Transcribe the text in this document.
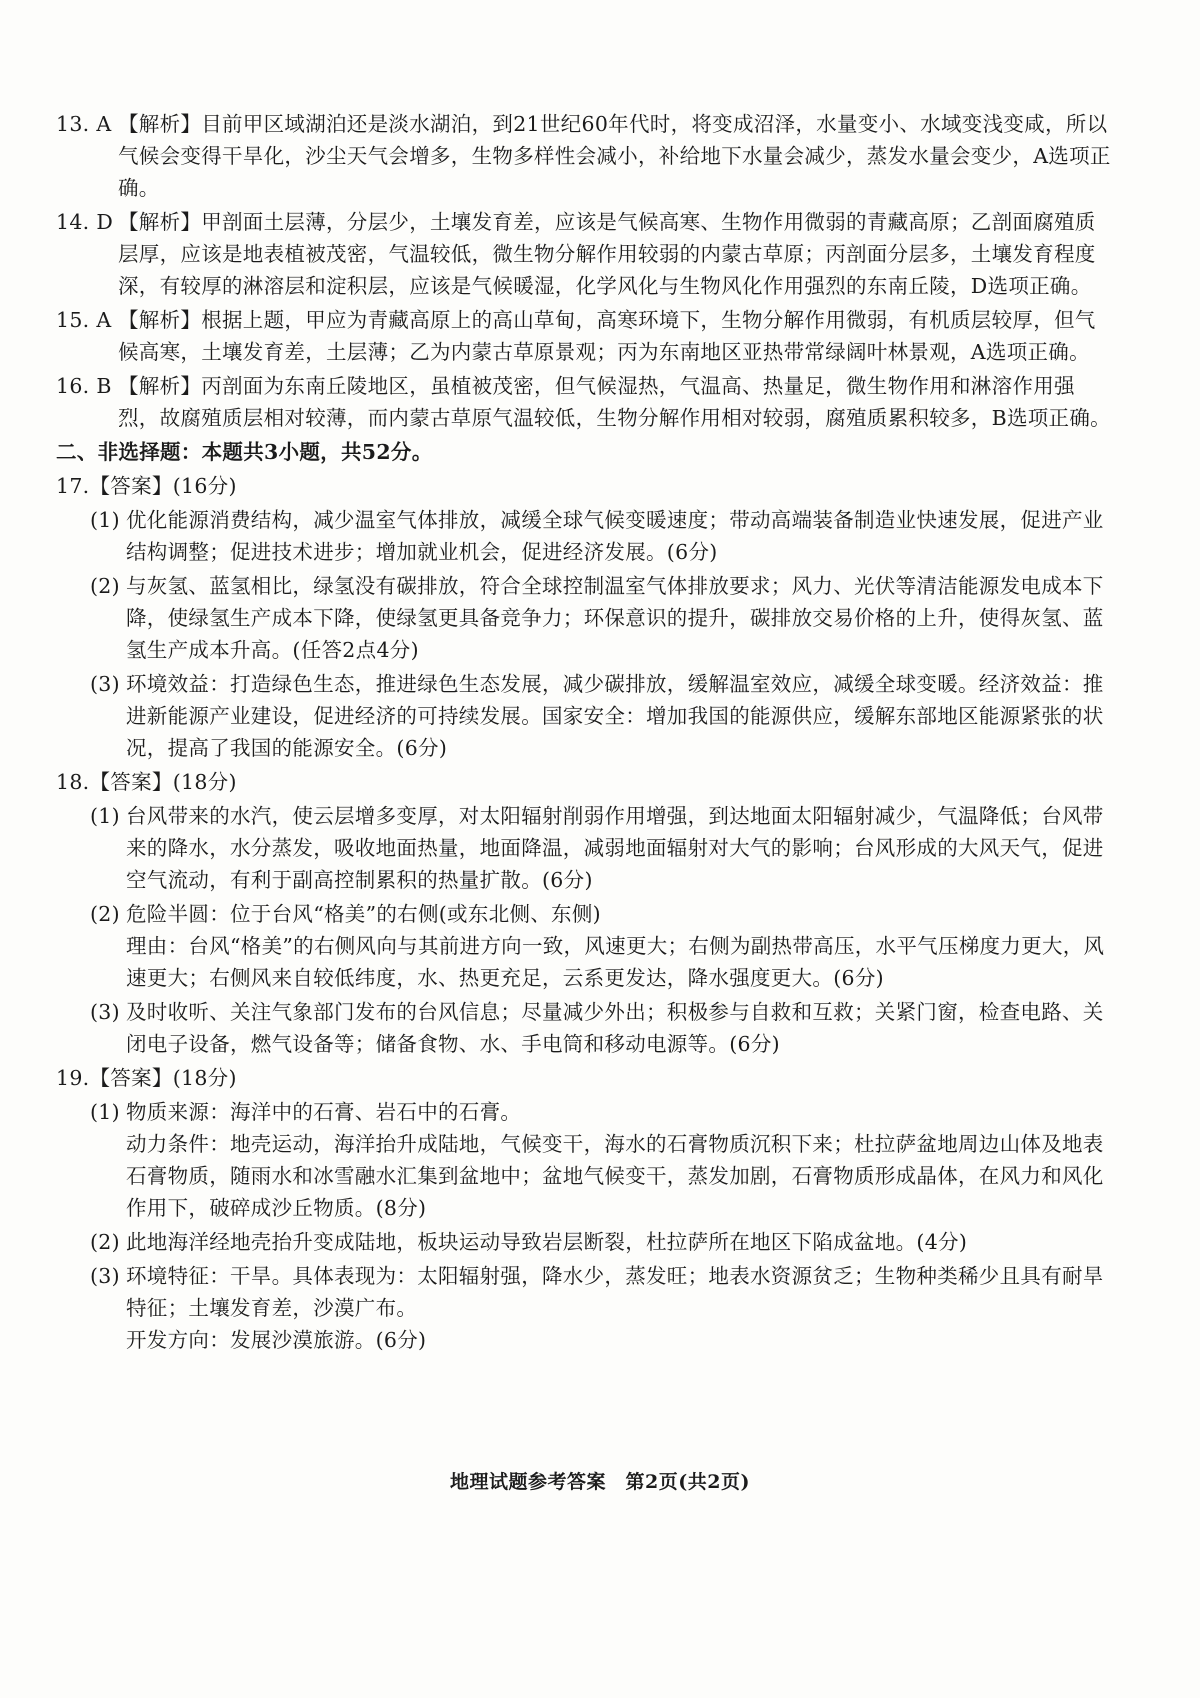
13. A 【解析】目前甲区域湖泊还是淡水湖泊，到21世纪60年代时，将变成沼泽，水量变小、水域变浅变咸，所以气候会变得干旱化，沙尘天气会增多，生物多样性会减小，补给地下水量会减少，蒸发水量会变少，A选项正确。
14. D 【解析】甲剖面土层薄，分层少，土壤发育差，应该是气候高寒、生物作用微弱的青藏高原；乙剖面腐殖质层厚，应该是地表植被茂密，气温较低，微生物分解作用较弱的内蒙古草原；丙剖面分层多，土壤发育程度深，有较厚的淋溶层和淀积层，应该是气候暖湿，化学风化与生物风化作用强烈的东南丘陵，D选项正确。
15. A 【解析】根据上题，甲应为青藏高原上的高山草甸，高寒环境下，生物分解作用微弱，有机质层较厚，但气候高寒，土壤发育差，土层薄；乙为内蒙古草原景观；丙为东南地区亚热带常绿阔叶林景观，A选项正确。
16. B 【解析】丙剖面为东南丘陵地区，虽植被茂密，但气候湿热，气温高、热量足，微生物作用和淋溶作用强烈，故腐殖质层相对较薄，而内蒙古草原气温较低，生物分解作用相对较弱，腐殖质累积较多，B选项正确。
二、非选择题：本题共3小题，共52分。
17.【答案】(16分)
(1) 优化能源消费结构，减少温室气体排放，减缓全球气候变暖速度；带动高端装备制造业快速发展，促进产业结构调整；促进技术进步；增加就业机会，促进经济发展。(6分)

(2) 与灰氢、蓝氢相比，绿氢没有碳排放，符合全球控制温室气体排放要求；风力、光伏等清洁能源发电成本下降，使绿氢生产成本下降，使绿氢更具备竞争力；环保意识的提升，碳排放交易价格的上升，使得灰氢、蓝氢生产成本升高。(任答2点4分)

(3) 环境效益：打造绿色生态，推进绿色生态发展，减少碳排放，缓解温室效应，减缓全球变暖。经济效益：推进新能源产业建设，促进经济的可持续发展。国家安全：增加我国的能源供应，缓解东部地区能源紧张的状况，提高了我国的能源安全。(6分)

18.【答案】(18分)
(1) 台风带来的水汽，使云层增多变厚，对太阳辐射削弱作用增强，到达地面太阳辐射减少，气温降低；台风带来的降水，水分蒸发，吸收地面热量，地面降温，减弱地面辐射对大气的影响；台风形成的大风天气，促进空气流动，有利于副高控制累积的热量扩散。(6分)

(2) 危险半圆：位于台风“格美”的右侧(或东北侧、东侧)

理由：台风“格美”的右侧风向与其前进方向一致，风速更大；右侧为副热带高压，水平气压梯度力更大，风速更大；右侧风来自较低纬度，水、热更充足，云系更发达，降水强度更大。(6分)

(3) 及时收听、关注气象部门发布的台风信息；尽量减少外出；积极参与自救和互救；关紧门窗，检查电路、关闭电子设备，燃气设备等；储备食物、水、手电筒和移动电源等。(6分)

19.【答案】(18分)
(1) 物质来源：海洋中的石膏、岩石中的石膏。

动力条件：地壳运动，海洋抬升成陆地，气候变干，海水的石膏物质沉积下来；杜拉萨盆地周边山体及地表石膏物质，随雨水和冰雪融水汇集到盆地中；盆地气候变干，蒸发加剧，石膏物质形成晶体，在风力和风化作用下，破碎成沙丘物质。(8分)

(2) 此地海洋经地壳抬升变成陆地，板块运动导致岩层断裂，杜拉萨所在地区下陷成盆地。(4分)

(3) 环境特征：干旱。具体表现为：太阳辐射强，降水少，蒸发旺；地表水资源贫乏；生物种类稀少且具有耐旱特征；土壤发育差，沙漠广布。

开发方向：发展沙漠旅游。(6分)

地理试题参考答案　第2页(共2页)
